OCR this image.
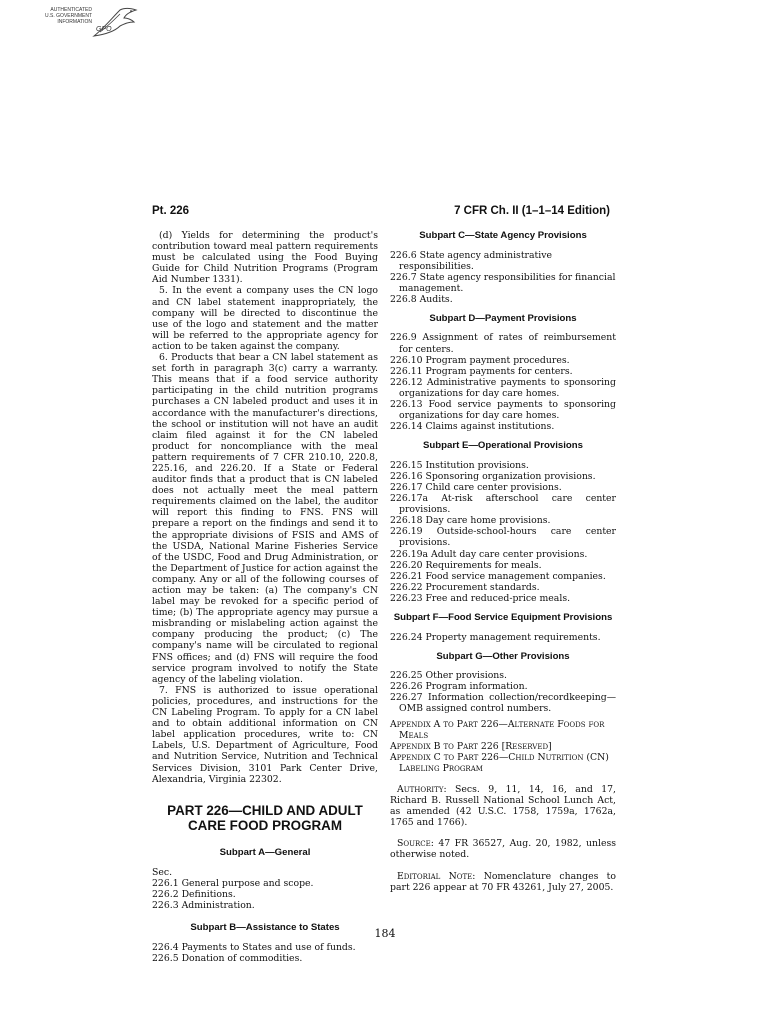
AUTHENTICATED
U.S. GOVERNMENT
INFORMATION
GPO
Pt. 226	7 CFR Ch. II (1–1–14 Edition)

(d) Yields for determining the product's contribution toward meal pattern requirements must be calculated using the Food Buying Guide for Child Nutrition Programs (Program Aid Number 1331).

5. In the event a company uses the CN logo and CN label statement inappropriately, the company will be directed to discontinue the use of the logo and statement and the matter will be referred to the appropriate agency for action to be taken against the company.

6. Products that bear a CN label statement as set forth in paragraph 3(c) carry a warranty. This means that if a food service authority participating in the child nutrition programs purchases a CN labeled product and uses it in accordance with the manufacturer's directions, the school or institution will not have an audit claim filed against it for the CN labeled product for noncompliance with the meal pattern requirements of 7 CFR 210.10, 220.8, 225.16, and 226.20. If a State or Federal auditor finds that a product that is CN labeled does not actually meet the meal pattern requirements claimed on the label, the auditor will report this finding to FNS. FNS will prepare a report on the findings and send it to the appropriate divisions of FSIS and AMS of the USDA, National Marine Fisheries Service of the USDC, Food and Drug Administration, or the Department of Justice for action against the company. Any or all of the following courses of action may be taken: (a) The company's CN label may be revoked for a specific period of time; (b) The appropriate agency may pursue a misbranding or mislabeling action against the company producing the product; (c) The company's name will be circulated to regional FNS offices; and (d) FNS will require the food service program involved to notify the State agency of the labeling violation.

7. FNS is authorized to issue operational policies, procedures, and instructions for the CN Labeling Program. To apply for a CN label and to obtain additional information on CN label application procedures, write to: CN Labels, U.S. Department of Agriculture, Food and Nutrition Service, Nutrition and Technical Services Division, 3101 Park Center Drive, Alexandria, Virginia 22302.

PART 226—CHILD AND ADULT CARE FOOD PROGRAM
Subpart A—General

Sec.

226.1 General purpose and scope.

226.2 Definitions.

226.3 Administration.

Subpart B—Assistance to States

226.4 Payments to States and use of funds.

226.5 Donation of commodities.

Subpart C—State Agency Provisions

226.6 State agency administrative responsibilities.

226.7 State agency responsibilities for financial management.

226.8 Audits.

Subpart D—Payment Provisions

226.9 Assignment of rates of reimbursement for centers.

226.10 Program payment procedures.

226.11 Program payments for centers.

226.12 Administrative payments to sponsoring organizations for day care homes.

226.13 Food service payments to sponsoring organizations for day care homes.

226.14 Claims against institutions.

Subpart E—Operational Provisions

226.15 Institution provisions.

226.16 Sponsoring organization provisions.

226.17 Child care center provisions.

226.17a At-risk afterschool care center provisions.

226.18 Day care home provisions.

226.19 Outside-school-hours care center provisions.

226.19a Adult day care center provisions.

226.20 Requirements for meals.

226.21 Food service management companies.

226.22 Procurement standards.

226.23 Free and reduced-price meals.

Subpart F—Food Service Equipment Provisions

226.24 Property management requirements.

Subpart G—Other Provisions

226.25 Other provisions.

226.26 Program information.

226.27 Information collection/recordkeeping—OMB assigned control numbers.

Appendix A to Part 226—Alternate Foods for Meals

Appendix B to Part 226 [Reserved]

Appendix C to Part 226—Child Nutrition (CN) Labeling Program

Authority: Secs. 9, 11, 14, 16, and 17, Richard B. Russell National School Lunch Act, as amended (42 U.S.C. 1758, 1759a, 1762a, 1765 and 1766).

Source: 47 FR 36527, Aug. 20, 1982, unless otherwise noted.

Editorial Note: Nomenclature changes to part 226 appear at 70 FR 43261, July 27, 2005.

184
